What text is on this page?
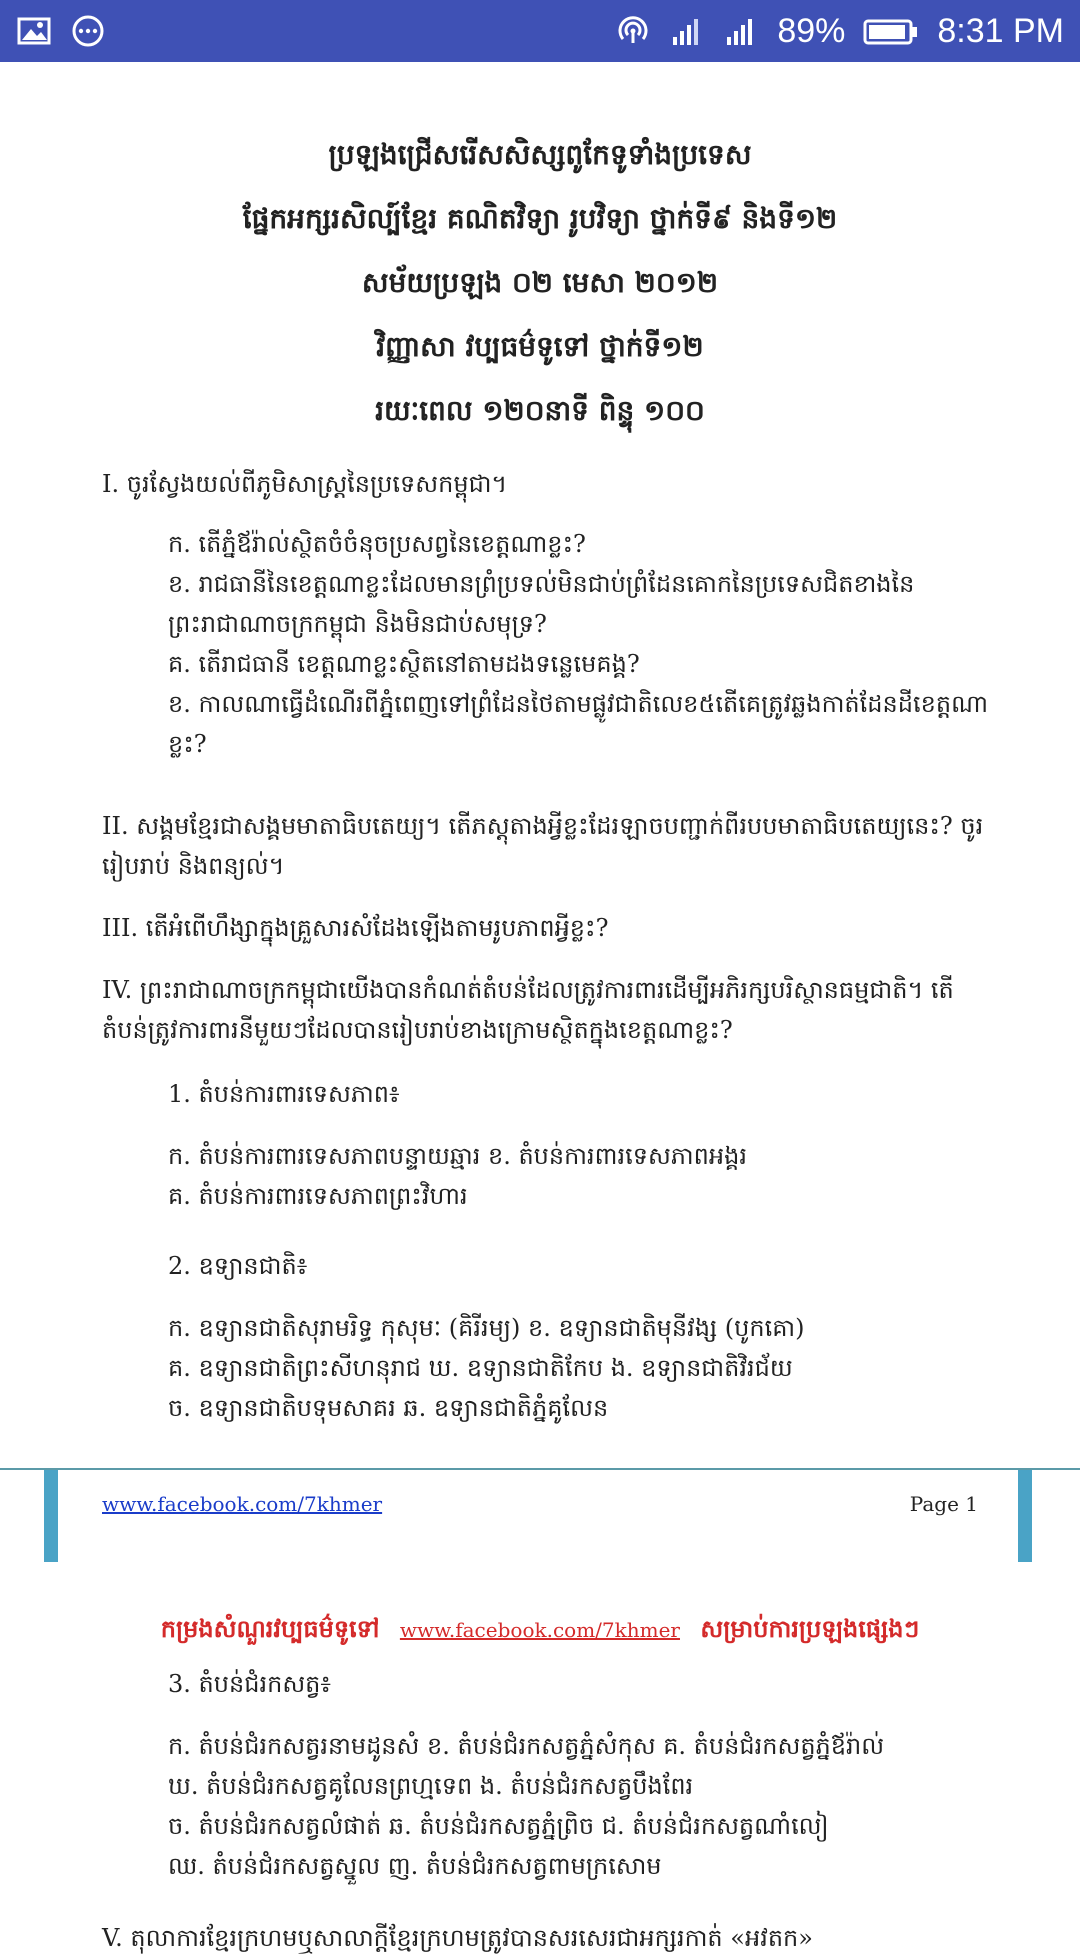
89%	8:31 PM

ប្រឡងជ្រើសរើសសិស្សពូកែទូទាំងប្រទេស

ផ្នែកអក្សរសិល្ប៍ខ្មែរ គណិតវិទ្យា រូបវិទ្យា ថ្នាក់ទី៩ និងទី១២

សម័យប្រឡង ០២ មេសា ២០១២

វិញ្ញាសា វប្បធម៌ទូទៅ ថ្នាក់ទី១២

រយៈពេល ១២០នាទី ពិន្ទុ ១០០

I. ចូរស្វែងយល់ពីភូមិសាស្ត្រនៃប្រទេសកម្ពុជា។
ក. តើភ្នំឪរ៉ាល់ស្ថិតចំចំនុចប្រសព្វនៃខេត្តណាខ្លះ?
ខ. រាជធានីនៃខេត្តណាខ្លះដែលមានព្រំប្រទល់មិនជាប់ព្រំដែនគោកនៃប្រទេសជិតខាងនៃព្រះរាជាណាចក្រកម្ពុជា និងមិនជាប់សមុទ្រ?
គ. តើរាជធានី ខេត្តណាខ្លះស្ថិតនៅតាមដងទន្លេមេគង្គ?
ខ. កាលណាធ្វើដំណើរពីភ្នំពេញទៅព្រំដែនថៃតាមផ្លូវជាតិលេខ៥តើគេត្រូវឆ្លងកាត់ដែនដីខេត្តណាខ្លះ?
II. សង្គមខ្មែរជាសង្គមមាតាធិបតេយ្យ។ តើភស្តុតាងអ្វីខ្លះដែរឡាចបញ្ជាក់ពីរបបមាតាធិបតេយ្យនេះ? ចូររៀបរាប់ និងពន្យល់។
III. តើអំពើហឹង្សាក្នុងគ្រួសារសំដែងឡើងតាមរូបភាពអ្វីខ្លះ?
IV. ព្រះរាជាណាចក្រកម្ពុជាយើងបានកំណត់តំបន់ដែលត្រូវការពារដើម្បីអភិរក្សបរិស្ថានធម្មជាតិ។ តើតំបន់ត្រូវការពារនីមួយៗដែលបានរៀបរាប់ខាងក្រោមស្ថិតក្នុងខេត្តណាខ្លះ?
1. តំបន់ការពារទេសភាព៖
ក. តំបន់ការពារទេសភាពបន្ទាយឆ្មារ ខ. តំបន់ការពារទេសភាពអង្គរ
គ. តំបន់ការពារទេសភាពព្រះវិហារ
2. ឧទ្យានជាតិ៖
ក. ឧទ្យានជាតិសុរាមរិទ្ធ កុសុមៈ (គិរីរម្យ) ខ. ឧទ្យានជាតិមុនីវង្ស (បូកគោ)
គ. ឧទ្យានជាតិព្រះសីហនុរាជ ឃ. ឧទ្យានជាតិកែប ង. ឧទ្យានជាតិវិរជ័យ
ច. ឧទ្យានជាតិបទុមសាគរ ឆ. ឧទ្យានជាតិភ្នំគូលែន
www.facebook.com/7khmer	Page 1
កម្រងសំណួរវប្បធម៌ទូទៅ www.facebook.com/7khmer សម្រាប់ការប្រឡងផ្សេងៗ
3. តំបន់ជំរកសត្វ៖
ក. តំបន់ជំរកសត្វរនាមដូនសំ ខ. តំបន់ជំរកសត្វភ្នំសំកុស គ. តំបន់ជំរកសត្វភ្នំឪរ៉ាល់
ឃ. តំបន់ជំរកសត្វគូលែនព្រហ្មទេព ង. តំបន់ជំរកសត្វបឹងពែរ
ច. តំបន់ជំរកសត្វលំផាត់ ឆ. តំបន់ជំរកសត្វភ្នំព្រិច ជ. តំបន់ជំរកសត្វណាំលៀ
ឈ. តំបន់ជំរកសត្វស្នួល ញ. តំបន់ជំរកសត្វពាមក្រសោម
V. តុលាការខ្មែរក្រហមឬសាលាក្តីខ្មែរក្រហមត្រូវបានសរសេរជាអក្សរកាត់ «អវតក»
